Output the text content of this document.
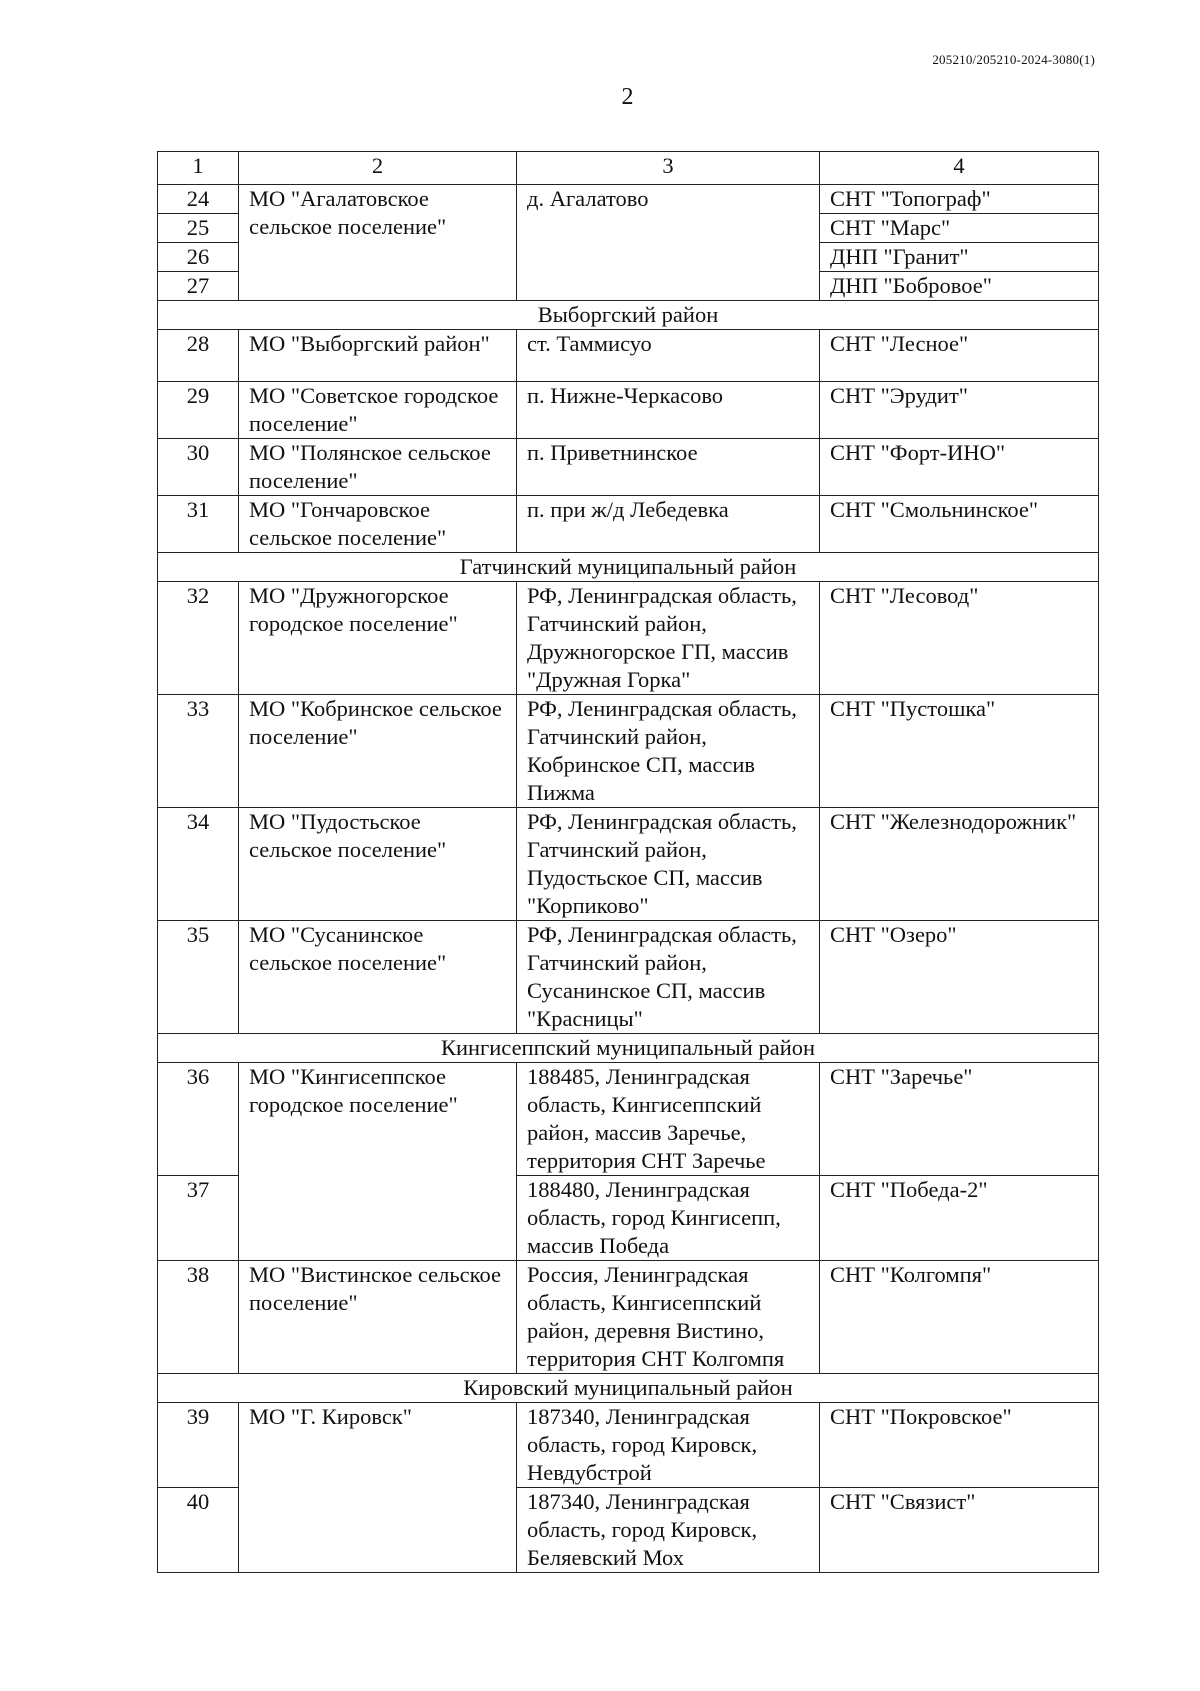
205210/205210-2024-3080(1)
2
1	2	3	4
24	МО "Агалатовское сельское поселение"	д. Агалатово	СНТ "Топограф"
25			СНТ "Марс"
26			ДНП "Гранит"
27			ДНП "Бобровое"
Выборгский район			
28	МО "Выборгский район"	ст. Таммисуо	СНТ "Лесное"
29	МО "Советское городское поселение"	п. Нижне-Черкасово	СНТ "Эрудит"
30	МО "Полянское сельское поселение"	п. Приветнинское	СНТ "Форт-ИНО"
31	МО "Гончаровское сельское поселение"	п. при ж/д Лебедевка	СНТ "Смольнинское"
Гатчинский муниципальный район			
32	МО "Дружногорское городское поселение"	РФ, Ленинградская область, Гатчинский район, Дружногорское ГП, массив "Дружная Горка"	СНТ "Лесовод"
33	МО "Кобринское сельское поселение"	РФ, Ленинградская область, Гатчинский район, Кобринское СП, массив Пижма	СНТ "Пустошка"
34	МО "Пудостьское сельское поселение"	РФ, Ленинградская область, Гатчинский район, Пудостьское СП, массив "Корпиково"	СНТ "Железнодорожник"
35	МО "Сусанинское сельское поселение"	РФ, Ленинградская область, Гатчинский район, Сусанинское СП, массив "Красницы"	СНТ "Озеро"
Кингисеппский муниципальный район			
36	МО "Кингисеппское городское поселение"	188485, Ленинградская область, Кингисеппский район, массив Заречье, территория СНТ Заречье	СНТ "Заречье"
37		188480, Ленинградская область, город Кингисепп, массив Победа	СНТ "Победа-2"
38	МО "Вистинское сельское поселение"	Россия, Ленинградская область, Кингисеппский район, деревня Вистино, территория СНТ Колгомпя	СНТ "Колгомпя"
Кировский муниципальный район			
39	МО "Г. Кировск"	187340, Ленинградская область, город Кировск, Невдубстрой	СНТ "Покровское"
40		187340, Ленинградская область, город Кировск, Беляевский Мох	СНТ "Связист"
